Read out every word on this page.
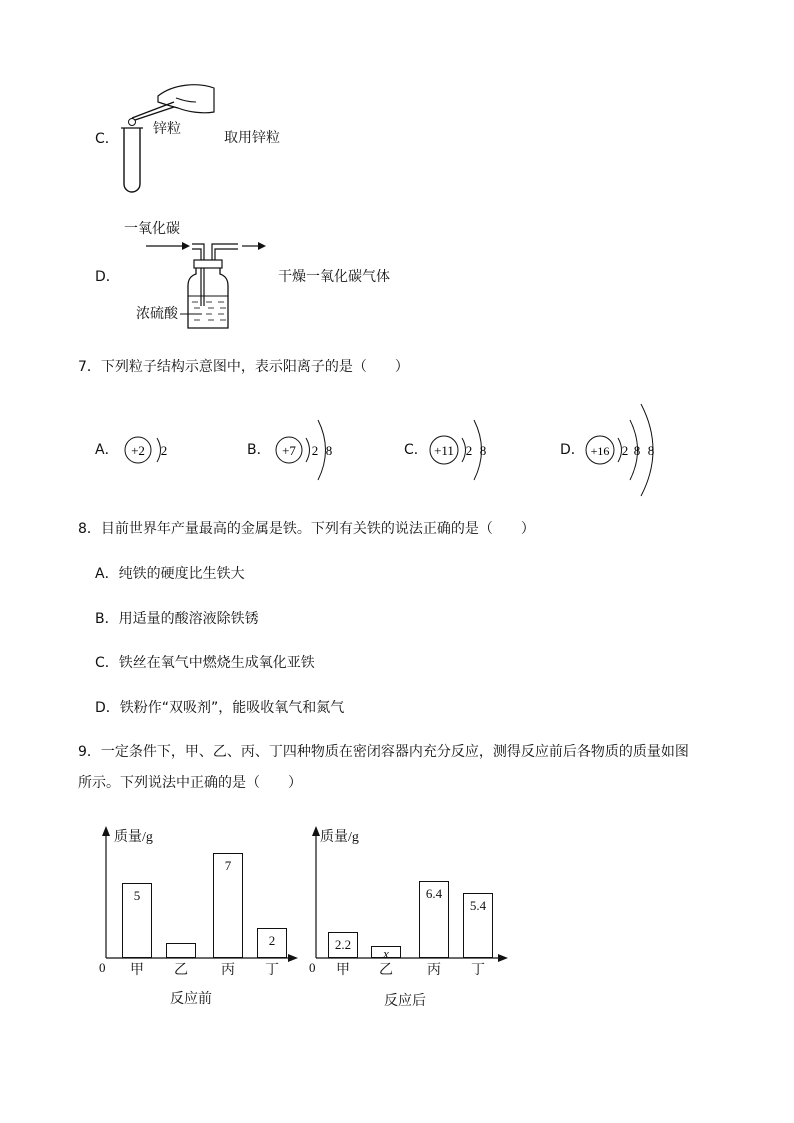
C．
锌粒
取用锌粒
一氧化碳
D．
浓硫酸
干燥一氧化碳气体
7．下列粒子结构示意图中，表示阳离子的是（　　）
A． +2 2	B． +7 2 8	C． +11 2 8	D． +16 2 8 8
8．目前世界年产量最高的金属是铁。下列有关铁的说法正确的是（　　）
A．纯铁的硬度比生铁大
B．用适量的酸溶液除铁锈
C．铁丝在氧气中燃烧生成氧化亚铁
D．铁粉作“双吸剂”，能吸收氧气和氮气
9．一定条件下，甲、乙、丙、丁四种物质在密闭容器内充分反应，测得反应前后各物质的质量如图
所示。下列说法中正确的是（　　）
质量/g
0
5
甲 乙
7
丙
2
丁
反应前
质量/g
0
2.2
甲
x
乙
6.4
丙
5.4
丁
反应后
